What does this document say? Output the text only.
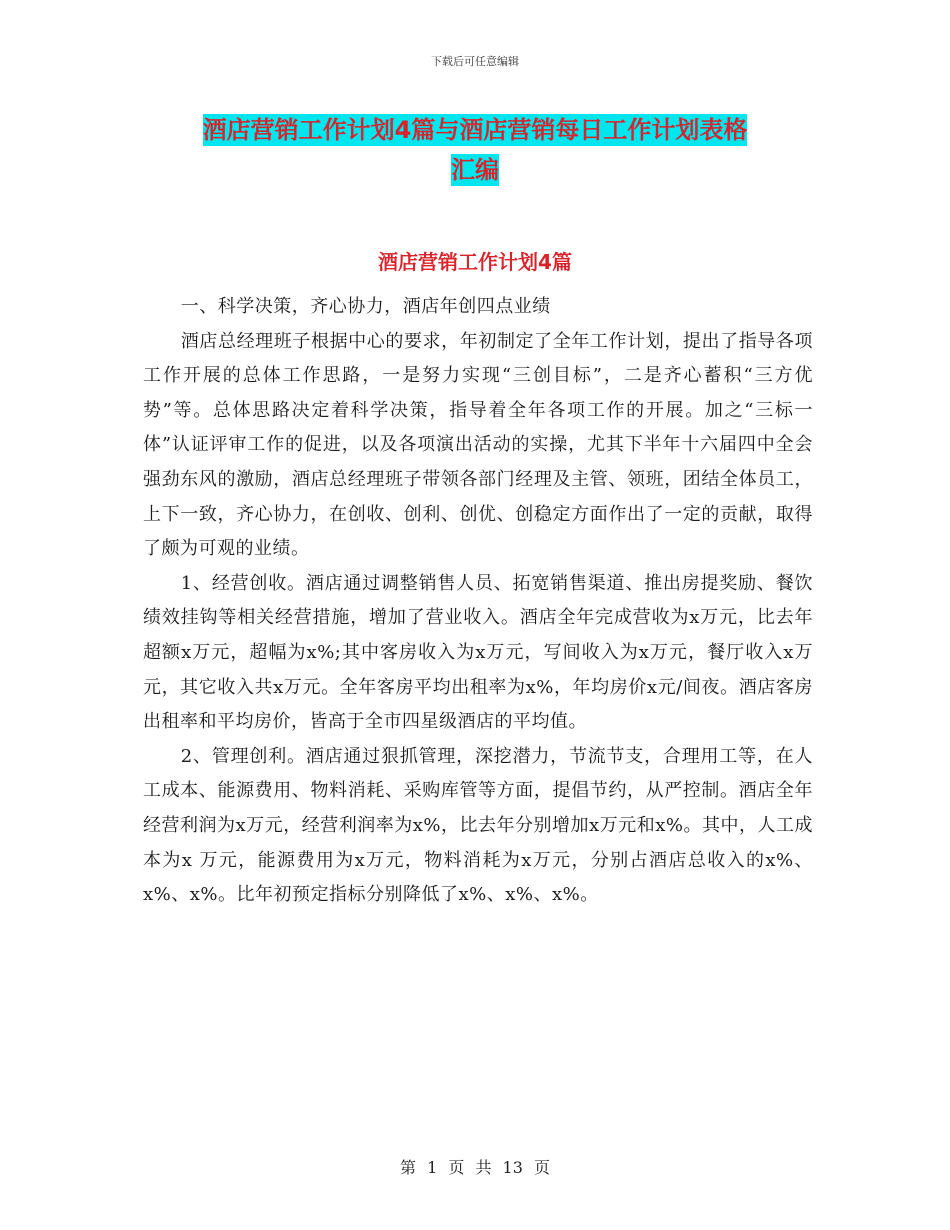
下载后可任意编辑
酒店营销工作计划4篇与酒店营销每日工作计划表格
汇编
酒店营销工作计划4篇

一、科学决策，齐心协力，酒店年创四点业绩

酒店总经理班子根据中心的要求，年初制定了全年工作计划，提出了指导各项工作开展的总体工作思路，一是努力实现“三创目标”，二是齐心蓄积“三方优势”等。总体思路决定着科学决策，指导着全年各项工作的开展。加之“三标一体”认证评审工作的促进，以及各项演出活动的实操，尤其下半年十六届四中全会强劲东风的激励，酒店总经理班子带领各部门经理及主管、领班，团结全体员工，上下一致，齐心协力，在创收、创利、创优、创稳定方面作出了一定的贡献，取得了颇为可观的业绩。

1、经营创收。酒店通过调整销售人员、拓宽销售渠道、推出房提奖励、餐饮绩效挂钩等相关经营措施，增加了营业收入。酒店全年完成营收为x万元，比去年超额x万元，超幅为x%;其中客房收入为x万元，写间收入为x万元，餐厅收入x万元，其它收入共x万元。全年客房平均出租率为x%，年均房价x元/间夜。酒店客房出租率和平均房价，皆高于全市四星级酒店的平均值。

2、管理创利。酒店通过狠抓管理，深挖潜力，节流节支，合理用工等，在人工成本、能源费用、物料消耗、采购库管等方面，提倡节约，从严控制。酒店全年经营利润为x万元，经营利润率为x%，比去年分别增加x万元和x%。其中，人工成本为x 万元，能源费用为x万元，物料消耗为x万元，分别占酒店总收入的x%、x%、x%。比年初预定指标分别降低了x%、x%、x%。

第 1 页 共 13 页
